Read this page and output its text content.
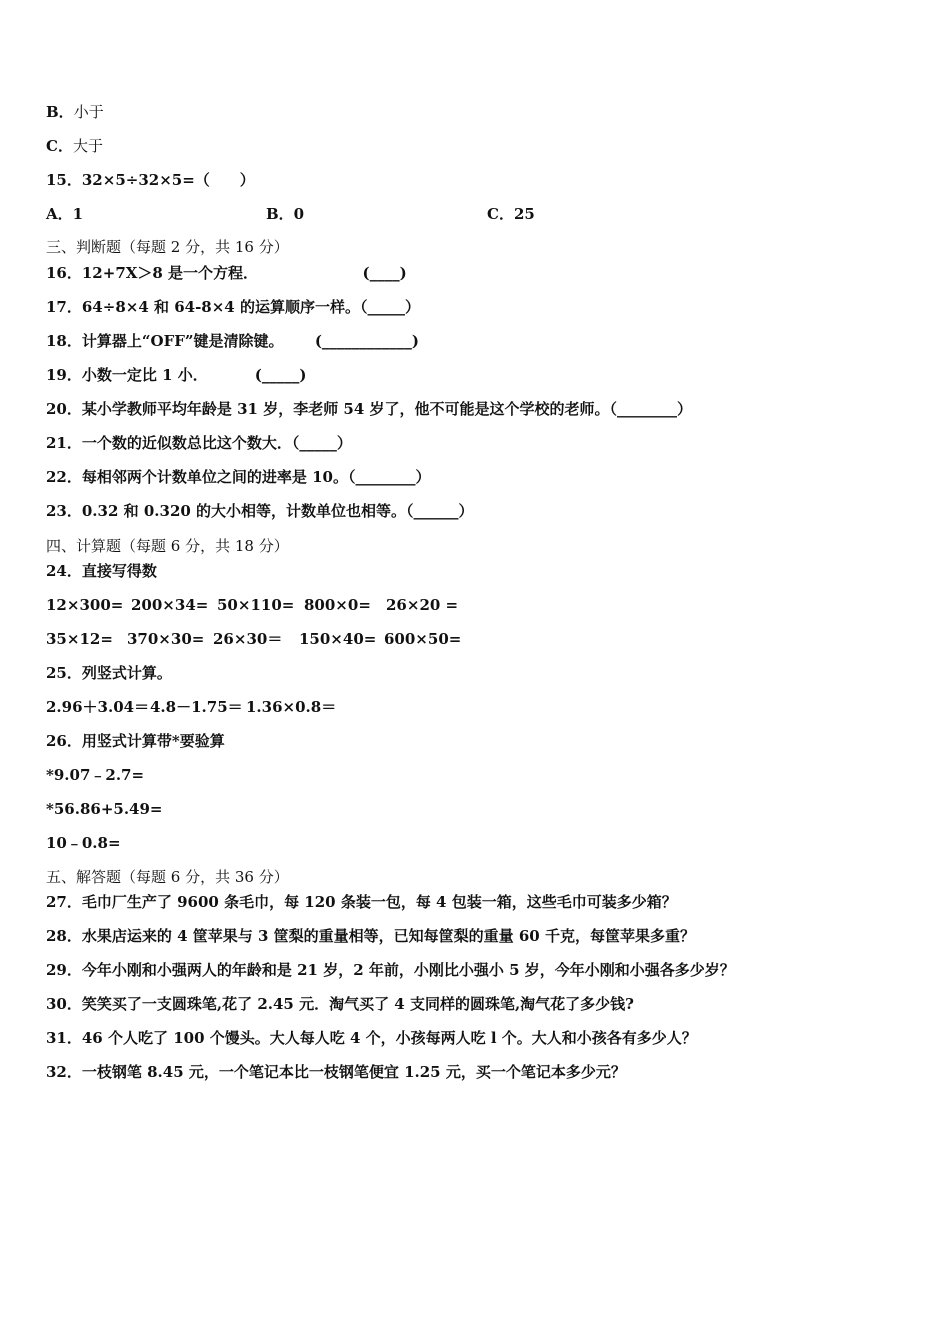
B．小于
C．大于
15．32×5÷32×5=（　　）
A．1	B．0	C．25
三、判断题（每题 2 分，共 16 分）
16．12+7X＞8 是一个方程．                    (____)
17．64÷8×4 和 64-8×4 的运算顺序一样。（_____）
18．计算器上“OFF”键是清除键。      (____________)
19．小数一定比 1 小．         (_____)
20．某小学教师平均年龄是 31 岁，李老师 54 岁了，他不可能是这个学校的老师。（________）
21．一个数的近似数总比这个数大．（_____）
22．每相邻两个计数单位之间的进率是 10。（________）
23．0.32 和 0.320 的大小相等，计数单位也相等。（______）
四、计算题（每题 6 分，共 18 分）
24．直接写得数
12×300= 200×34= 50×110= 800×0= 26×20 =
35×12= 370×30= 26×30＝ 150×40= 600×50=
25．列竖式计算。
2.96＋3.04＝ 4.8－1.75＝ 1.36×0.8＝
26．用竖式计算带*要验算
*9.07﹣2.7=
*56.86+5.49=
10﹣0.8=
五、解答题（每题 6 分，共 36 分）
27．毛巾厂生产了 9600 条毛巾，每 120 条装一包，每 4 包装一箱，这些毛巾可装多少箱？
28．水果店运来的 4 筐苹果与 3 筐梨的重量相等，已知每筐梨的重量 60 千克，每筐苹果多重？
29．今年小刚和小强两人的年龄和是 21 岁，2 年前，小刚比小强小 5 岁，今年小刚和小强各多少岁？
30．笑笑买了一支圆珠笔,花了 2.45 元．淘气买了 4 支同样的圆珠笔,淘气花了多少钱?
31．46 个人吃了 100 个馒头。大人每人吃 4 个，小孩每两人吃 l 个。大人和小孩各有多少人？
32．一枝钢笔 8.45 元，一个笔记本比一枝钢笔便宜 1.25 元，买一个笔记本多少元？
